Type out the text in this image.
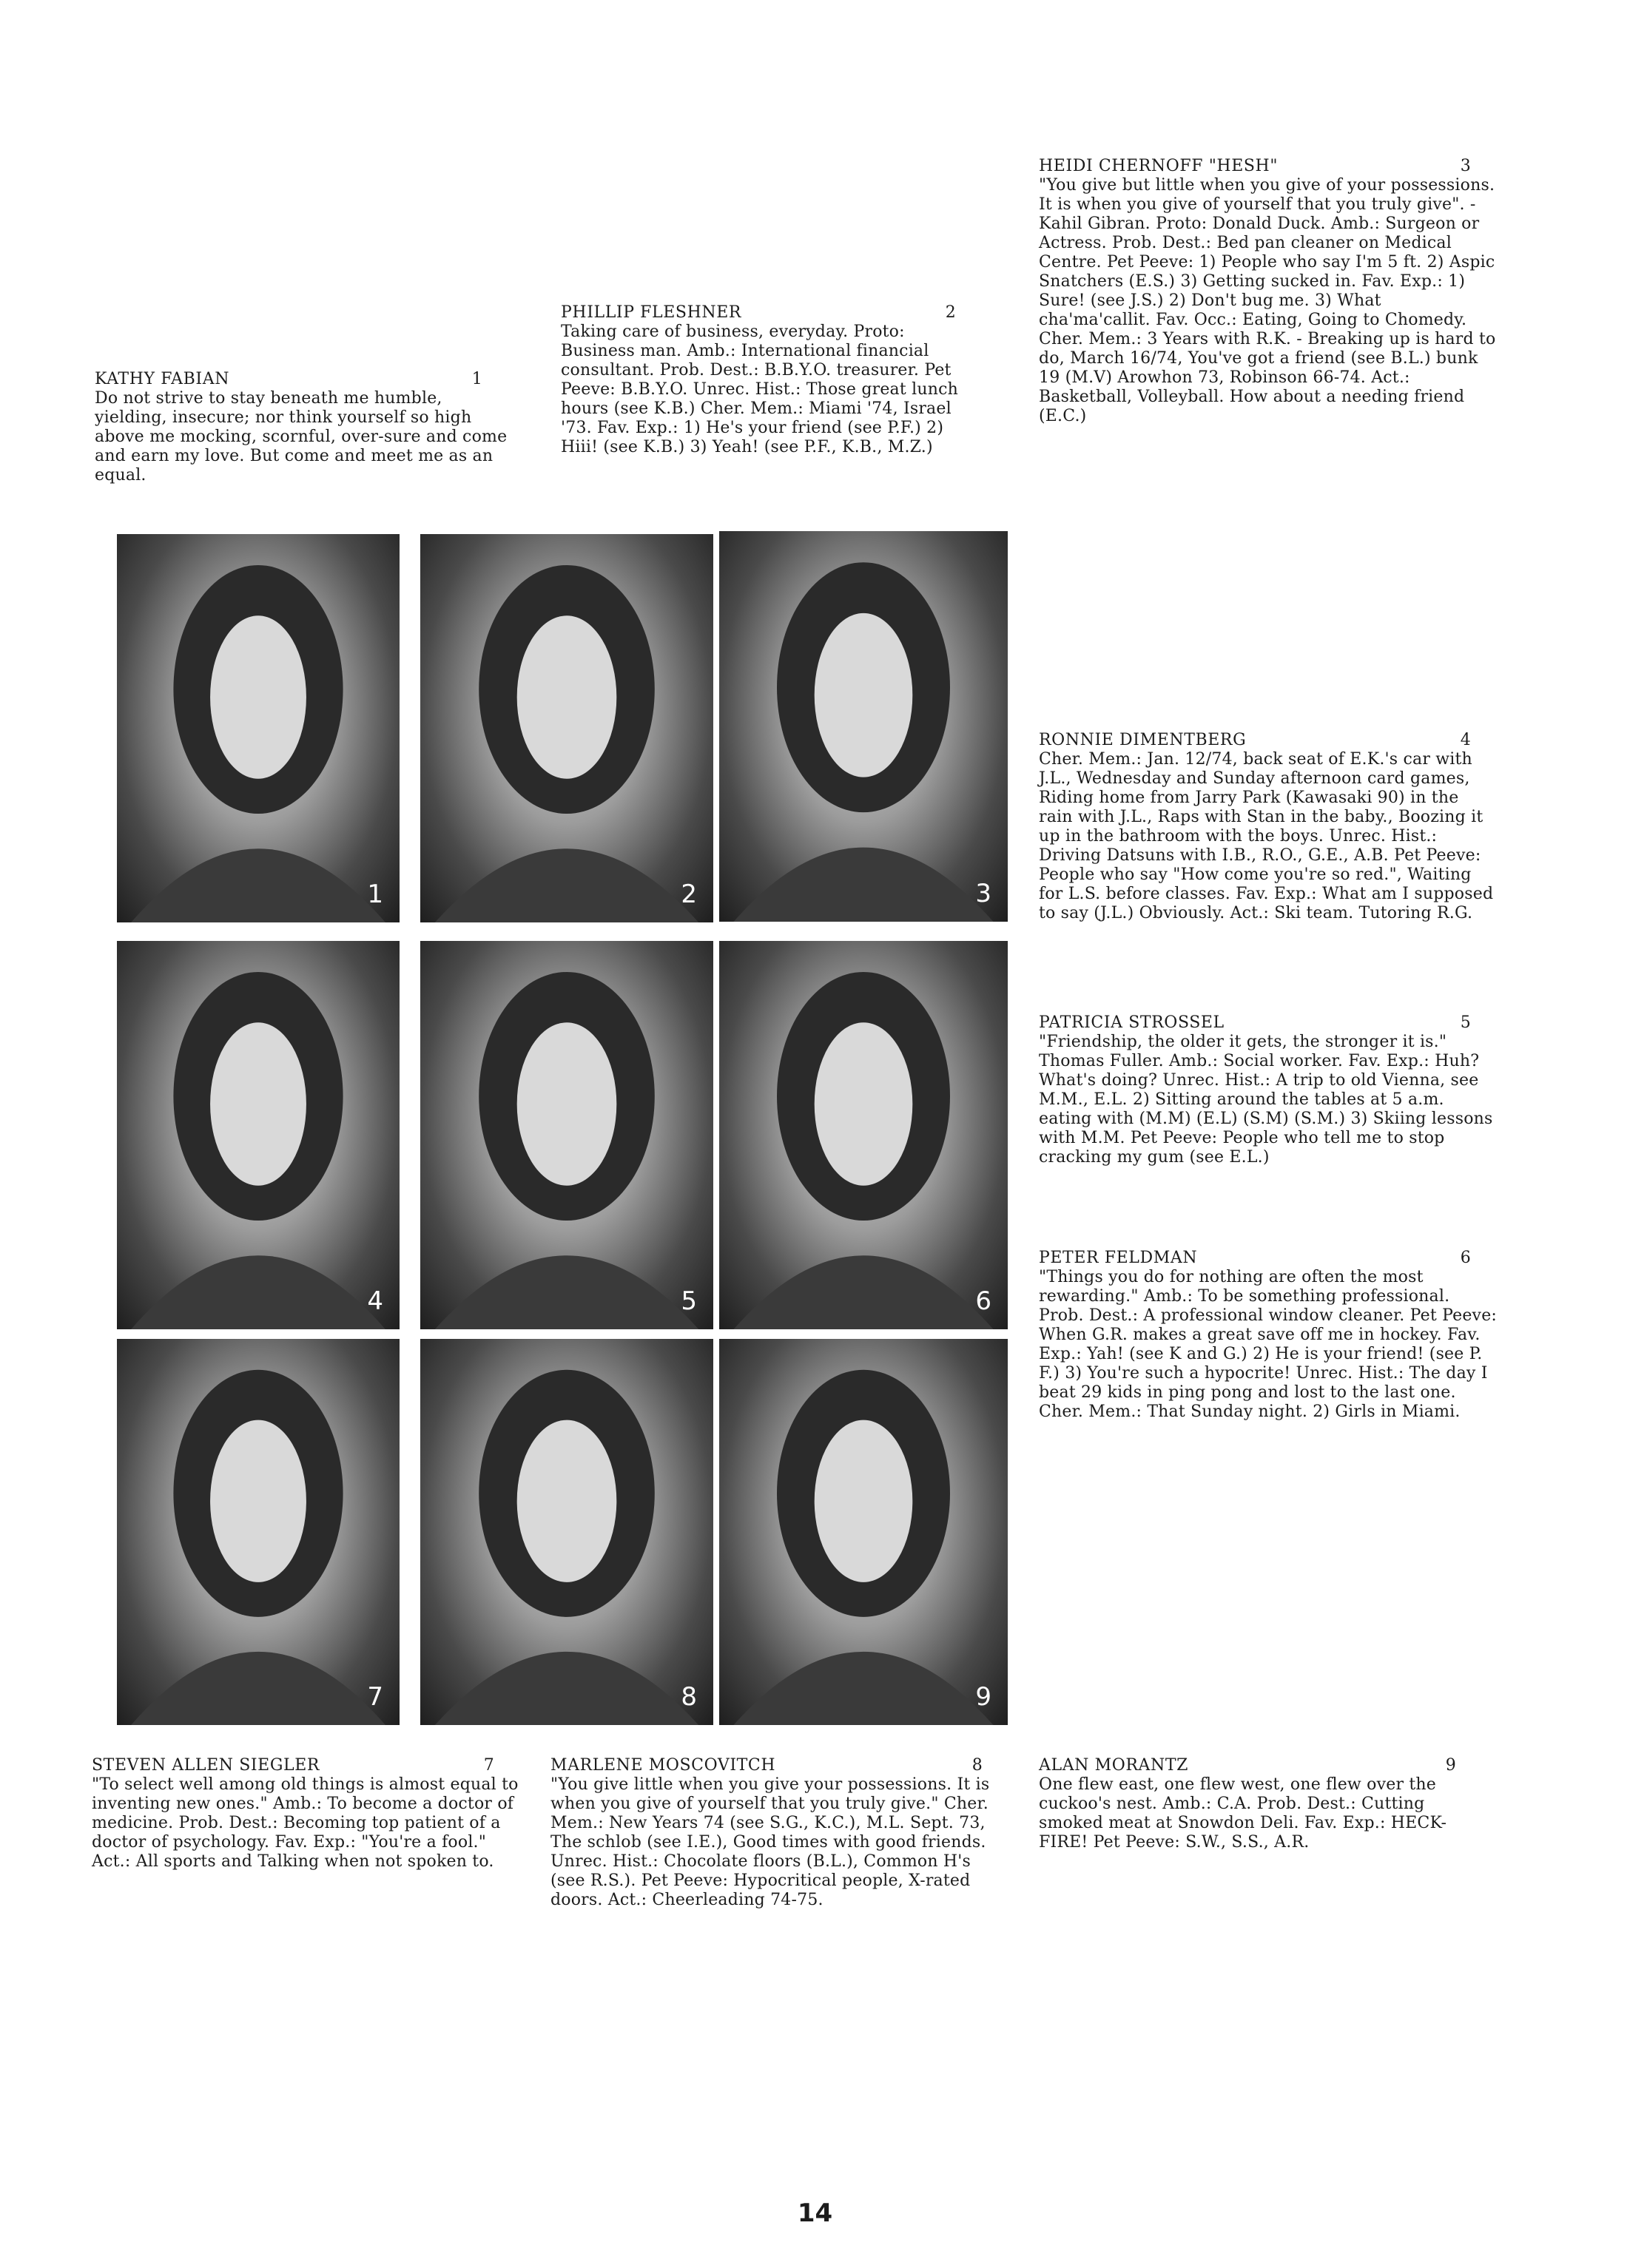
KATHY FABIAN	1

Do not strive to stay beneath me humble, yielding, insecure; nor think yourself so high above me mocking, scornful, over-sure and come and earn my love. But come and meet me as an equal.

PHILLIP FLESHNER	2

Taking care of business, everyday. Proto: Business man. Amb.: International financial consultant. Prob. Dest.: B.B.Y.O. treasurer. Pet Peeve: B.B.Y.O. Unrec. Hist.: Those great lunch hours (see K.B.) Cher. Mem.: Miami '74, Israel '73. Fav. Exp.: 1) He's your friend (see P.F.) 2) Hiii! (see K.B.) 3) Yeah! (see P.F., K.B., M.Z.)

HEIDI CHERNOFF "HESH"	3

"You give but little when you give of your possessions. It is when you give of yourself that you truly give". - Kahil Gibran. Proto: Donald Duck. Amb.: Surgeon or Actress. Prob. Dest.: Bed pan cleaner on Medical Centre. Pet Peeve: 1) People who say I'm 5 ft. 2) Aspic Snatchers (E.S.) 3) Getting sucked in. Fav. Exp.: 1) Sure! (see J.S.) 2) Don't bug me. 3) What cha'ma'callit. Fav. Occ.: Eating, Going to Chomedy. Cher. Mem.: 3 Years with R.K. - Breaking up is hard to do, March 16/74, You've got a friend (see B.L.) bunk 19 (M.V) Arowhon 73, Robinson 66-74. Act.: Basketball, Volleyball. How about a needing friend (E.C.)

RONNIE DIMENTBERG	4

Cher. Mem.: Jan. 12/74, back seat of E.K.'s car with J.L., Wednesday and Sunday afternoon card games, Riding home from Jarry Park (Kawasaki 90) in the rain with J.L., Raps with Stan in the baby., Boozing it up in the bathroom with the boys. Unrec. Hist.: Driving Datsuns with I.B., R.O., G.E., A.B. Pet Peeve: People who say "How come you're so red.", Waiting for L.S. before classes. Fav. Exp.: What am I supposed to say (J.L.) Obviously. Act.: Ski team. Tutoring R.G.

PATRICIA STROSSEL	5

"Friendship, the older it gets, the stronger it is." Thomas Fuller. Amb.: Social worker. Fav. Exp.: Huh? What's doing? Unrec. Hist.: A trip to old Vienna, see M.M., E.L. 2) Sitting around the tables at 5 a.m. eating with (M.M) (E.L) (S.M) (S.M.) 3) Skiing lessons with M.M. Pet Peeve: People who tell me to stop cracking my gum (see E.L.)

PETER FELDMAN	6

"Things you do for nothing are often the most rewarding." Amb.: To be something professional. Prob. Dest.: A professional window cleaner. Pet Peeve: When G.R. makes a great save off me in hockey. Fav. Exp.: Yah! (see K and G.) 2) He is your friend! (see P. F.) 3) You're such a hypocrite! Unrec. Hist.: The day I beat 29 kids in ping pong and lost to the last one. Cher. Mem.: That Sunday night. 2) Girls in Miami.

STEVEN ALLEN SIEGLER	7

"To select well among old things is almost equal to inventing new ones." Amb.: To become a doctor of medicine. Prob. Dest.: Becoming top patient of a doctor of psychology. Fav. Exp.: "You're a fool." Act.: All sports and Talking when not spoken to.

MARLENE MOSCOVITCH	8

"You give little when you give your possessions. It is when you give of yourself that you truly give." Cher. Mem.: New Years 74 (see S.G., K.C.), M.L. Sept. 73, The schlob (see I.E.), Good times with good friends. Unrec. Hist.: Chocolate floors (B.L.), Common H's (see R.S.). Pet Peeve: Hypocritical people, X-rated doors. Act.: Cheerleading 74-75.

ALAN MORANTZ	9

One flew east, one flew west, one flew over the cuckoo's nest. Amb.: C.A. Prob. Dest.: Cutting smoked meat at Snowdon Deli. Fav. Exp.: HECK-FIRE! Pet Peeve: S.W., S.S., A.R.

1	2	3
4	5	6
7	8	9
14
